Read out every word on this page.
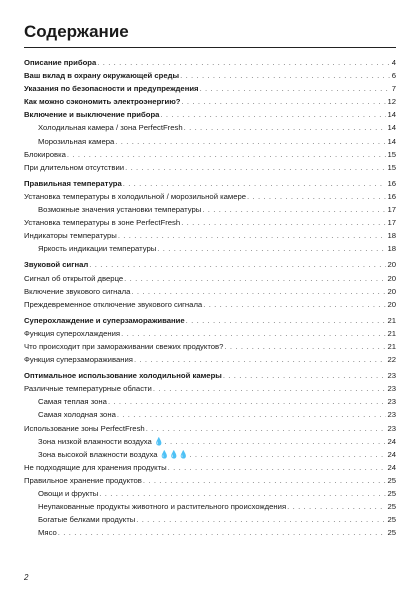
Содержание
Описание прибора . . .	4
Ваш вклад в охрану окружающей среды . . .	6
Указания по безопасности и предупреждения . . .	7
Как можно сэкономить электроэнергию? . . .	12
Включение и выключение прибора . . .	14
Холодильная камера / зона PerfectFresh . . .	14
Морозильная камера . . .	14
Блокировка . . .	15
При длительном отсутствии . . .	15
Правильная температура . . .	16
Установка температуры в холодильной / морозильной камере . . .	16
Возможные значения установки температуры . . .	17
Установка температуры в зоне PerfectFresh . . .	17
Индикаторы температуры . . .	18
Яркость индикации температуры . . .	18
Звуковой сигнал . . .	20
Сигнал об открытой дверце . . .	20
Включение звукового сигнала . . .	20
Преждевременное отключение звукового сигнала . . .	20
Суперохлаждение и суперзамораживание . . .	21
Функция суперохлаждения . . .	21
Что происходит при замораживании свежих продуктов? . . .	21
Функция суперзамораживания . . .	22
Оптимальное использование холодильной камеры . . .	23
Различные температурные области . . .	23
Самая теплая зона . . .	23
Самая холодная зона . . .	23
Использование зоны PerfectFresh . . .	23
Зона низкой влажности воздуха 💧 . . .	24
Зона высокой влажности воздуха 💧💧💧 . . .	24
Не подходящие для хранения продукты . . .	24
Правильное хранение продуктов . . .	25
Овощи и фрукты . . .	25
Неупакованные продукты животного и растительного происхождения . . .	25
Богатые белками продукты . . .	25
Мясо . . .	25
2
